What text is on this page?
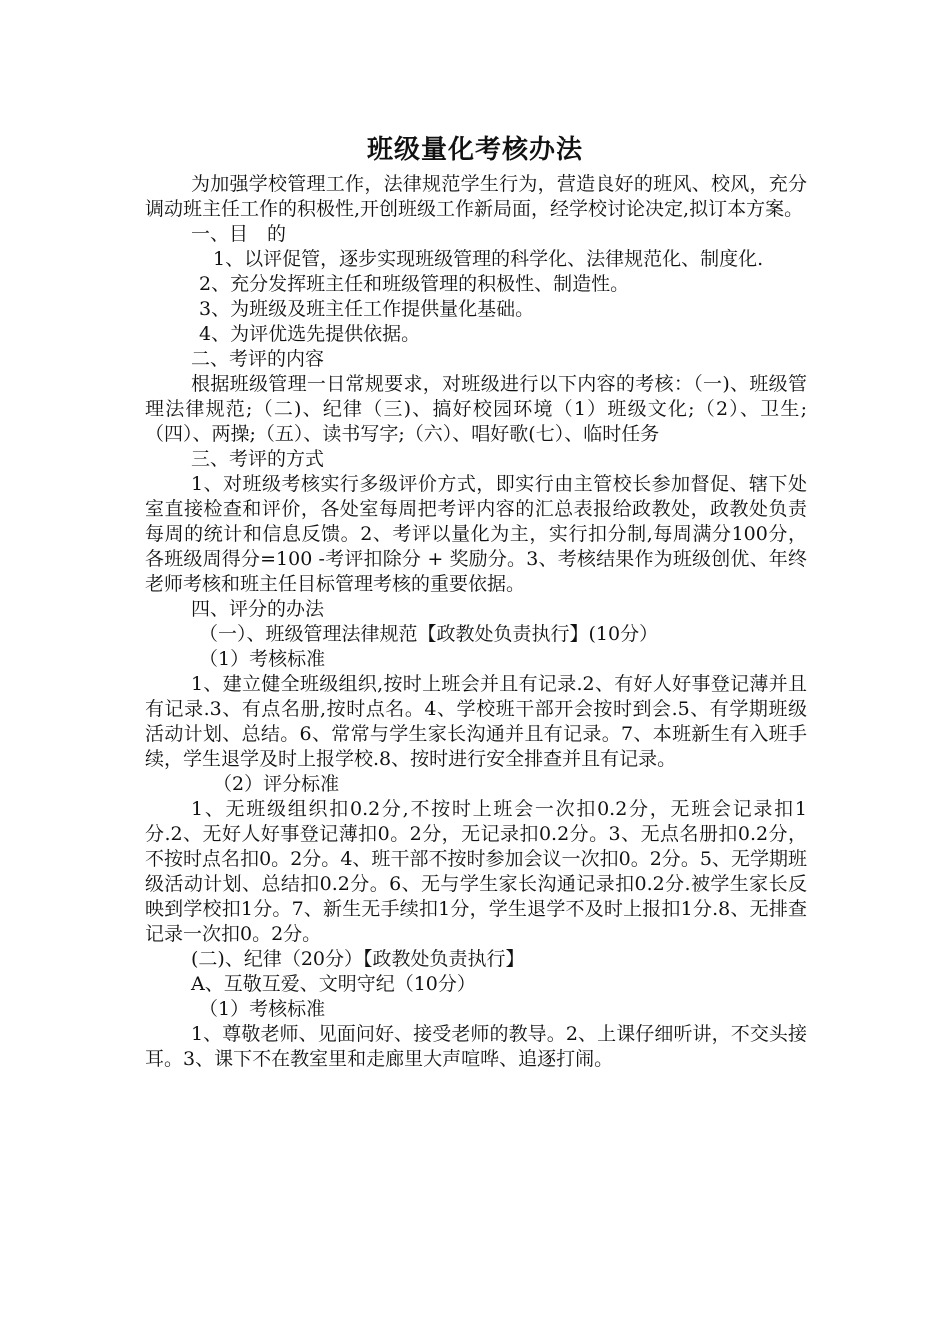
班级量化考核办法

为加强学校管理工作，法律规范学生行为，营造良好的班风、校风，充分调动班主任工作的积极性,开创班级工作新局面，经学校讨论决定,拟订本方案。

一、目　的

1、以评促管，逐步实现班级管理的科学化、法律规范化、制度化.

2、充分发挥班主任和班级管理的积极性、制造性。

3、为班级及班主任工作提供量化基础。

4、为评优选先提供依据。

二、考评的内容

根据班级管理一日常规要求，对班级进行以下内容的考核：（一)、班级管理法律规范;（二)、纪律（三)、搞好校园环境（1）班级文化;（2）、卫生;（四）、两操;（五）、读书写字;（六）、唱好歌(七）、临时任务

三、考评的方式

1、对班级考核实行多级评价方式，即实行由主管校长参加督促、辖下处室直接检查和评价，各处室每周把考评内容的汇总表报给政教处，政教处负责每周的统计和信息反馈。2、考评以量化为主，实行扣分制,每周满分100分，各班级周得分=100 -考评扣除分 + 奖励分。3、考核结果作为班级创优、年终老师考核和班主任目标管理考核的重要依据。

四、评分的办法

（一）、班级管理法律规范【政教处负责执行】(10分）

（1）考核标准

1、建立健全班级组织,按时上班会并且有记录.2、有好人好事登记薄并且有记录.3、有点名册,按时点名。4、学校班干部开会按时到会.5、有学期班级活动计划、总结。6、常常与学生家长沟通并且有记录。7、本班新生有入班手续，学生退学及时上报学校.8、按时进行安全排查并且有记录。

（2）评分标准

1、无班级组织扣0.2分,不按时上班会一次扣0.2分，无班会记录扣1分.2、无好人好事登记薄扣0。2分，无记录扣0.2分。3、无点名册扣0.2分，不按时点名扣0。2分。4、班干部不按时参加会议一次扣0。2分。5、无学期班级活动计划、总结扣0.2分。6、无与学生家长沟通记录扣0.2分.被学生家长反映到学校扣1分。7、新生无手续扣1分，学生退学不及时上报扣1分.8、无排查记录一次扣0。2分。

(二)、纪律（20分）【政教处负责执行】

A、互敬互爱、文明守纪（10分）

（1）考核标准

1、尊敬老师、见面问好、接受老师的教导。2、上课仔细听讲，不交头接耳。3、课下不在教室里和走廊里大声喧哗、追逐打闹。
